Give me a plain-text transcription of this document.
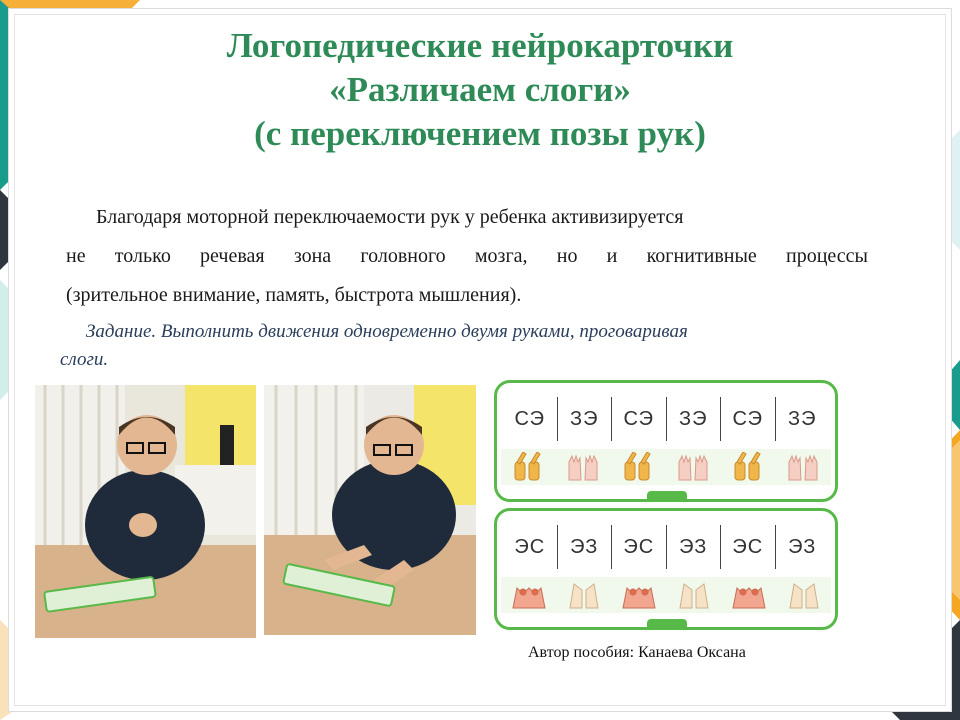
Логопедические нейрокарточки
«Различаем слоги»
(с переключением позы рук)
Благодаря моторной переключаемости рук у ребенка активизируется
не только речевая зона головного мозга, но и когнитивные процессы
(зрительное внимание, память, быстрота мышления).
Задание. Выполнить движения одновременно двумя руками, проговаривая
слоги.
СЭ	ЗЭ	СЭ	ЗЭ	СЭ	ЗЭ
ЭС	ЭЗ	ЭС	ЭЗ	ЭС	ЭЗ
Автор пособия: Канаева Оксана
